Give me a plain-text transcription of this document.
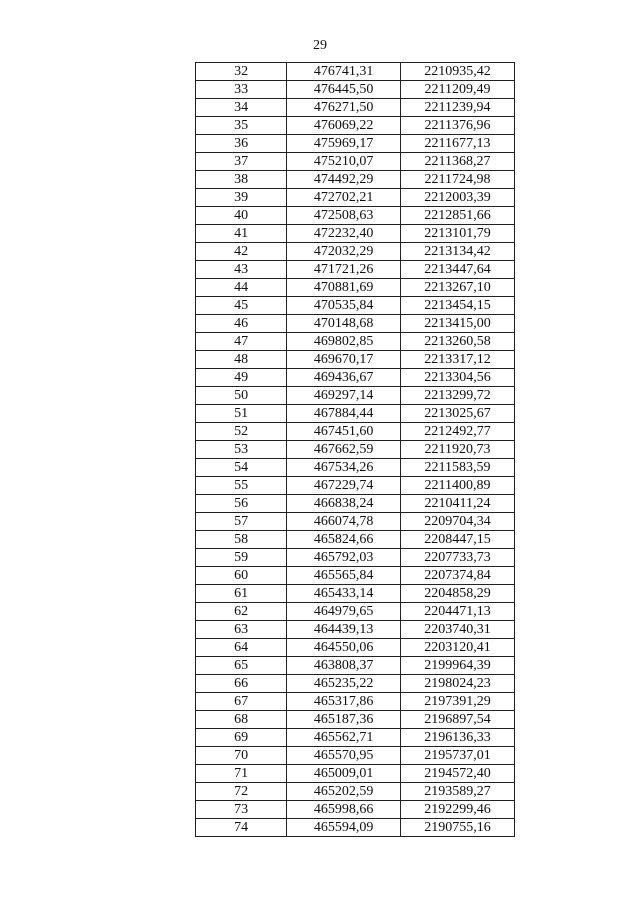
29
32	476741,31	2210935,42
33	476445,50	2211209,49
34	476271,50	2211239,94
35	476069,22	2211376,96
36	475969,17	2211677,13
37	475210,07	2211368,27
38	474492,29	2211724,98
39	472702,21	2212003,39
40	472508,63	2212851,66
41	472232,40	2213101,79
42	472032,29	2213134,42
43	471721,26	2213447,64
44	470881,69	2213267,10
45	470535,84	2213454,15
46	470148,68	2213415,00
47	469802,85	2213260,58
48	469670,17	2213317,12
49	469436,67	2213304,56
50	469297,14	2213299,72
51	467884,44	2213025,67
52	467451,60	2212492,77
53	467662,59	2211920,73
54	467534,26	2211583,59
55	467229,74	2211400,89
56	466838,24	2210411,24
57	466074,78	2209704,34
58	465824,66	2208447,15
59	465792,03	2207733,73
60	465565,84	2207374,84
61	465433,14	2204858,29
62	464979,65	2204471,13
63	464439,13	2203740,31
64	464550,06	2203120,41
65	463808,37	2199964,39
66	465235,22	2198024,23
67	465317,86	2197391,29
68	465187,36	2196897,54
69	465562,71	2196136,33
70	465570,95	2195737,01
71	465009,01	2194572,40
72	465202,59	2193589,27
73	465998,66	2192299,46
74	465594,09	2190755,16
